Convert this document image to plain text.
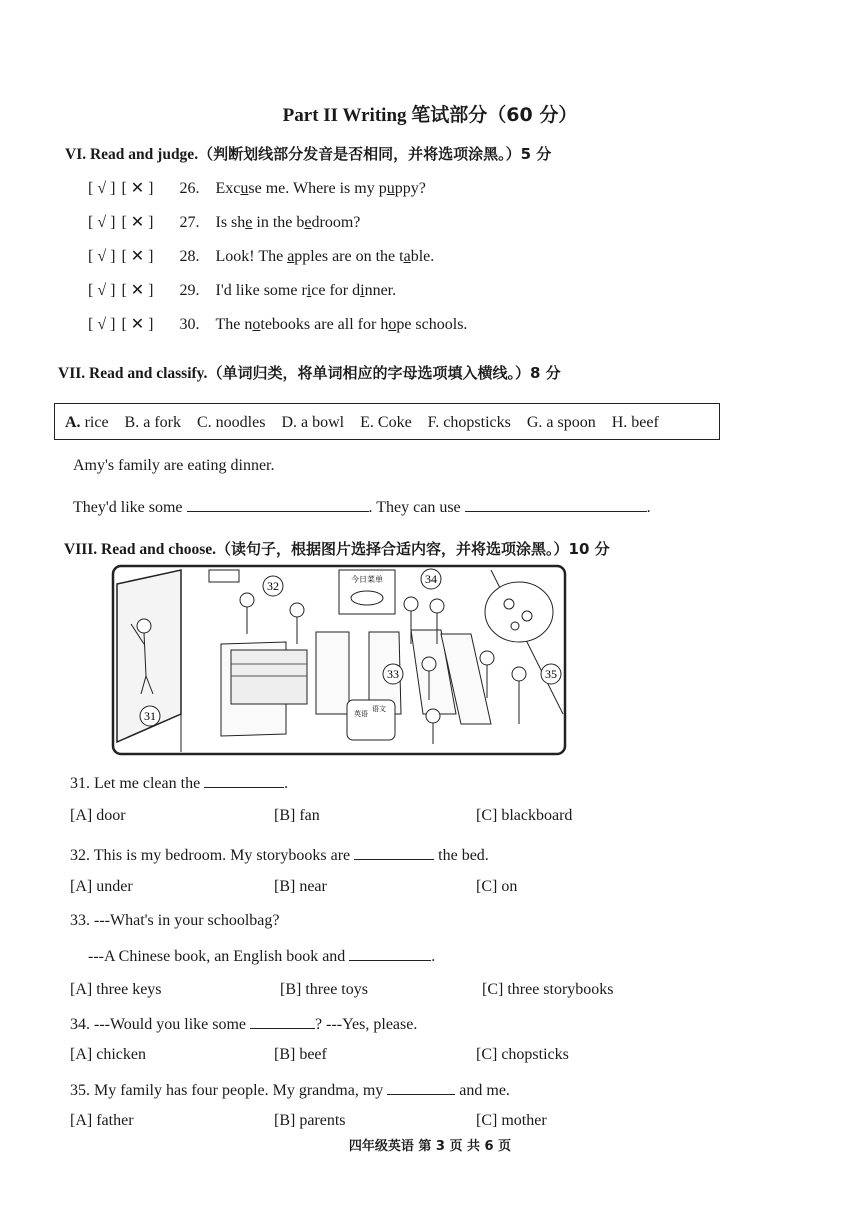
Part II Writing 笔试部分（60 分）
VI. Read and judge.（判断划线部分发音是否相同，并将选项涂黑。）5 分
[ √ ] [ ✕ ] 26. Excuse me. Where is my puppy?
[ √ ] [ ✕ ] 27. Is she in the bedroom?
[ √ ] [ ✕ ] 28. Look! The apples are on the table.
[ √ ] [ ✕ ] 29. I'd like some rice for dinner.
[ √ ] [ ✕ ] 30. The notebooks are all for hope schools.
VII. Read and classify.（单词归类，将单词相应的字母选项填入横线。）8 分
A. rice B. a fork C. noodles D. a bowl E. Coke F. chopsticks G. a spoon H. beef
Amy's family are eating dinner.
They'd like some	. They can use	.
VIII. Read and choose.（读句子，根据图片选择合适内容，并将选项涂黑。）10 分
今日菜单
英语
语文
32	34
33	35
31
31. Let me clean the	.
[A] door	[B] fan	[C] blackboard
32. This is my bedroom. My storybooks are	the bed.
[A] under	[B] near	[C] on
33. ---What's in your schoolbag?
---A Chinese book, an English book and	.
[A] three keys	[B] three toys	[C] three storybooks
34. ---Would you like some	? ---Yes, please.
[A] chicken	[B] beef	[C] chopsticks
35. My family has four people. My grandma, my	and me.
[A] father	[B] parents	[C] mother
四年级英语 第 3 页 共 6 页
